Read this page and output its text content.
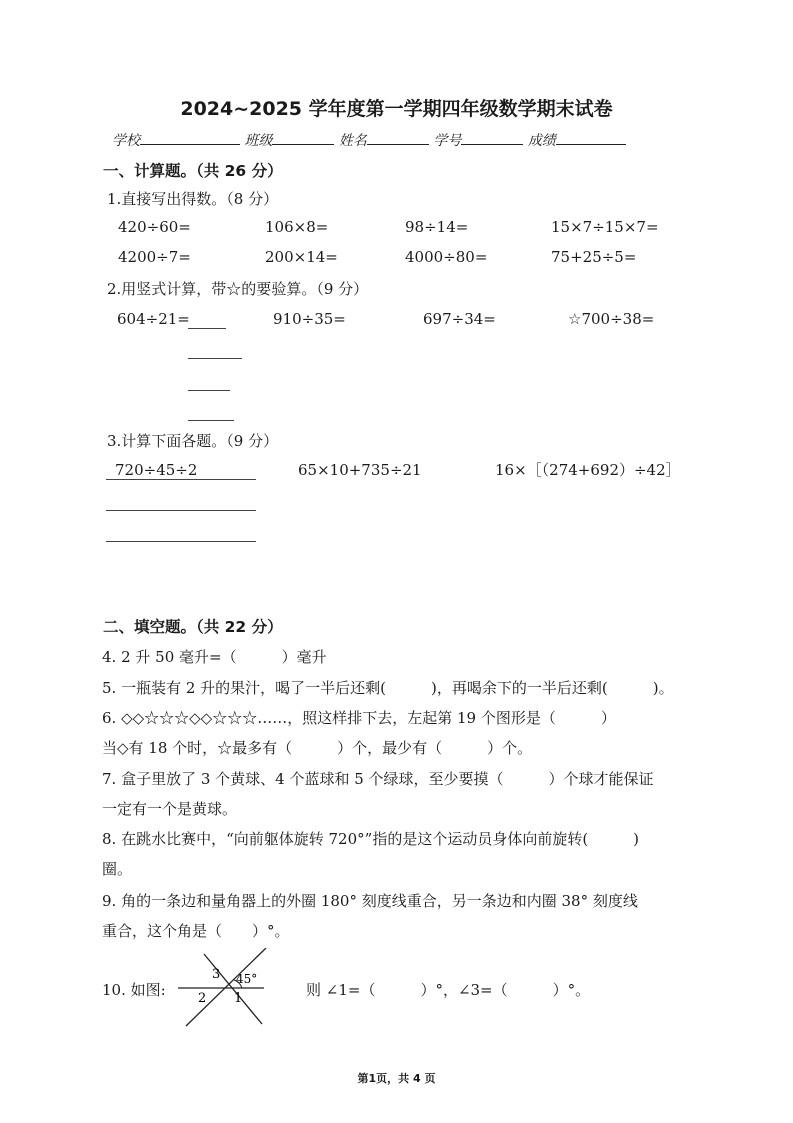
2024~2025 学年度第一学期四年级数学期末试卷
学校	班级	姓名	学号	成绩
一、计算题。（共 26 分）
1.直接写出得数。（8 分）
420÷60=	106×8=	98÷14=	15×7÷15×7=
4200÷7=	200×14=	4000÷80=	75+25÷5=
2.用竖式计算，带☆的要验算。（9 分）
604÷21=	910÷35=	697÷34=	☆700÷38=
3.计算下面各题。（9 分）
720÷45÷2	65×10+735÷21	16×［（274+692）÷42］
二、填空题。（共 22 分）
4. 2 升 50 毫升=（　　　）毫升
5. 一瓶装有 2 升的果汁，喝了一半后还剩(　　　)，再喝余下的一半后还剩(　　　)。
6. ◇◇☆☆☆◇◇☆☆☆……，照这样排下去，左起第 19 个图形是（　　　）
当◇有 18 个时，☆最多有（　　　）个，最少有（　　　）个。
7. 盒子里放了 3 个黄球、4 个蓝球和 5 个绿球，至少要摸（　　　）个球才能保证
一定有一个是黄球。
8. 在跳水比赛中，“向前躯体旋转 720°”指的是这个运动员身体向前旋转(　　　)
圈。
9. 角的一条边和量角器上的外圈 180° 刻度线重合，另一条边和内圈 38° 刻度线
重合，这个角是（　　）°。
10. 如图:
3 45°
2 1	则 ∠1=（　　　）°，∠3=（　　　）°。
第1页，共 4 页
